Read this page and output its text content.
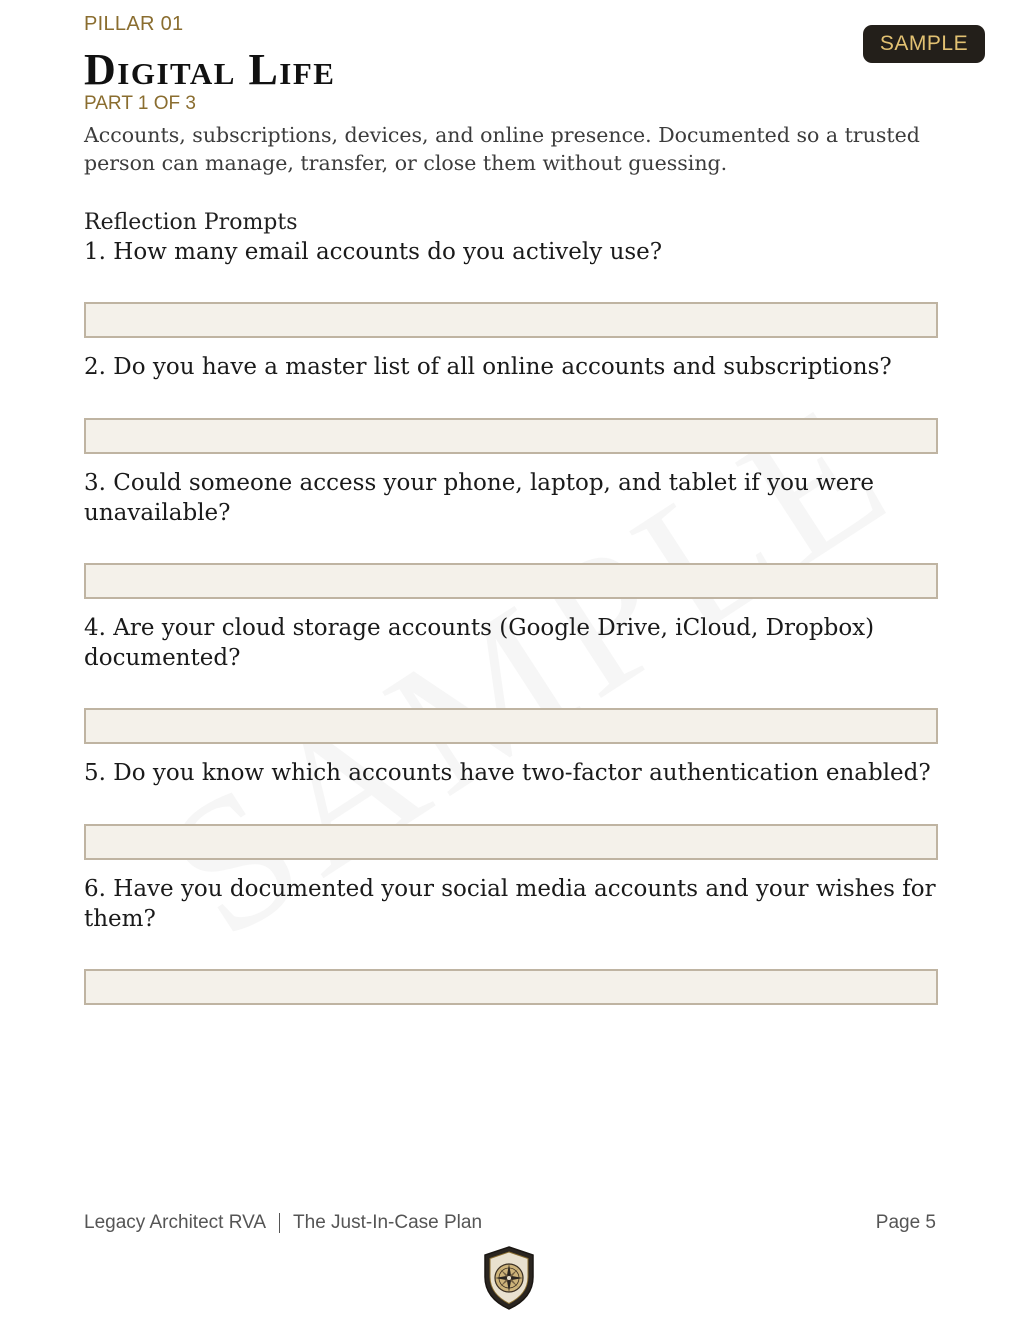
PILLAR 01
Digital Life
PART 1 OF 3

Accounts, subscriptions, devices, and online presence. Documented so a trusted person can manage, transfer, or close them without guessing.

SAMPLE
Reflection Prompts
1. How many email accounts do you actively use?
2. Do you have a master list of all online accounts and subscriptions?
3. Could someone access your phone, laptop, and tablet if you were unavailable?
4. Are your cloud storage accounts (Google Drive, iCloud, Dropbox) documented?
5. Do you know which accounts have two-factor authentication enabled?
6. Have you documented your social media accounts and your wishes for them?
Legacy Architect RVA The Just-In-Case Plan	Page 5
